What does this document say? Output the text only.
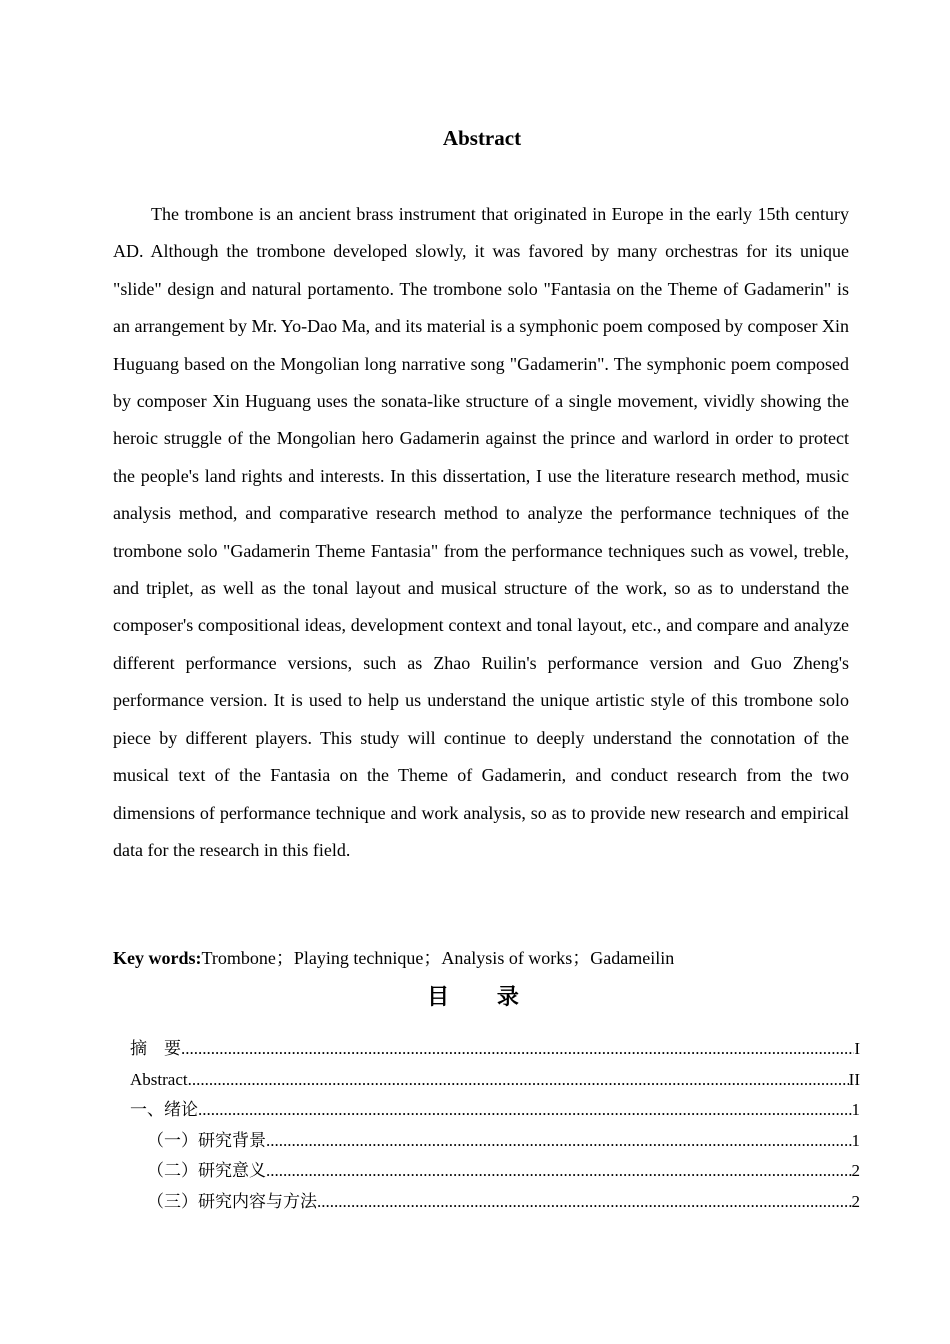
Abstract

The trombone is an ancient brass instrument that originated in Europe in the early 15th century AD. Although the trombone developed slowly, it was favored by many orchestras for its unique "slide" design and natural portamento. The trombone solo "Fantasia on the Theme of Gadamerin" is an arrangement by Mr. Yo-Dao Ma, and its material is a symphonic poem composed by composer Xin Huguang based on the Mongolian long narrative song "Gadamerin". The symphonic poem composed by composer Xin Huguang uses the sonata-like structure of a single movement, vividly showing the heroic struggle of the Mongolian hero Gadamerin against the prince and warlord in order to protect the people's land rights and interests. In this dissertation, I use the literature research method, music analysis method, and comparative research method to analyze the performance techniques of the trombone solo "Gadamerin Theme Fantasia" from the performance techniques such as vowel, treble, and triplet, as well as the tonal layout and musical structure of the work, so as to understand the composer's compositional ideas, development context and tonal layout, etc., and compare and analyze different performance versions, such as Zhao Ruilin's performance version and Guo Zheng's performance version. It is used to help us understand the unique artistic style of this trombone solo piece by different players. This study will continue to deeply understand the connotation of the musical text of the Fantasia on the Theme of Gadamerin, and conduct research from the two dimensions of performance technique and work analysis, so as to provide new research and empirical data for the research in this field.

Key words:Trombone；Playing technique；Analysis of works；Gadameilin
目 录
摘　要 .....	I
Abstract .....	II
一、绪论 .....	1
（一）研究背景 .....	1
（二）研究意义 .....	2
（三）研究内容与方法 .....	2
